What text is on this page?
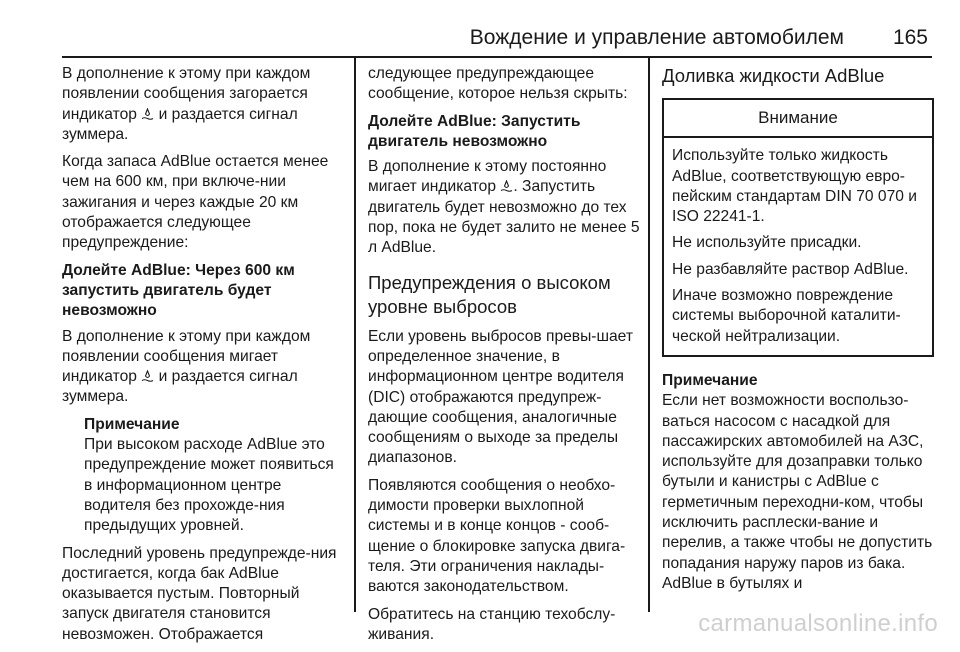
Вождение и управление автомобилем 165

В дополнение к этому при каждом появлении сообщения загорается индикатор  и раздается сигнал зуммера.

Когда запаса AdBlue остается менее чем на 600 км, при включе-нии зажигания и через каждые 20 км отображается следующее предупреждение:

Долейте AdBlue: Через 600 км запустить двигатель будет невозможно

В дополнение к этому при каждом появлении сообщения мигает индикатор  и раздается сигнал зуммера.

Примечание
При высоком расходе AdBlue это предупреждение может появиться в информационном центре водителя без прохожде-ния предыдущих уровней.

Последний уровень предупрежде-ния достигается, когда бак AdBlue оказывается пустым. Повторный запуск двигателя становится невозможен. Отображается

следующее предупреждающее сообщение, которое нельзя скрыть:

Долейте AdBlue: Запустить двигатель невозможно

В дополнение к этому постоянно мигает индикатор . Запустить двигатель будет невозможно до тех пор, пока не будет залито не менее 5 л AdBlue.

Предупреждения о высоком уровне выбросов

Если уровень выбросов превы-шает определенное значение, в информационном центре водителя (DIC) отображаются предупреж-дающие сообщения, аналогичные сообщениям о выходе за пределы диапазонов.

Появляются сообщения о необхо-димости проверки выхлопной системы и в конце концов - сооб-щение о блокировке запуска двига-теля. Эти ограничения наклады-ваются законодательством.

Обратитесь на станцию техобслу-живания.

Доливка жидкости AdBlue
Внимание

Используйте только жидкость AdBlue, соответствующую евро-пейским стандартам DIN 70 070 и ISO 22241-1.

Не используйте присадки.

Не разбавляйте раствор AdBlue.

Иначе возможно повреждение системы выборочной каталити-ческой нейтрализации.

Примечание
Если нет возможности воспользо-ваться насосом с насадкой для пассажирских автомобилей на АЗС, используйте для дозаправки только бутыли и канистры с AdBlue с герметичным переходни-ком, чтобы исключить расплески-вание и перелив, а также чтобы не допустить попадания наружу паров из бака. AdBlue в бутылях и
carmanualsonline.info
